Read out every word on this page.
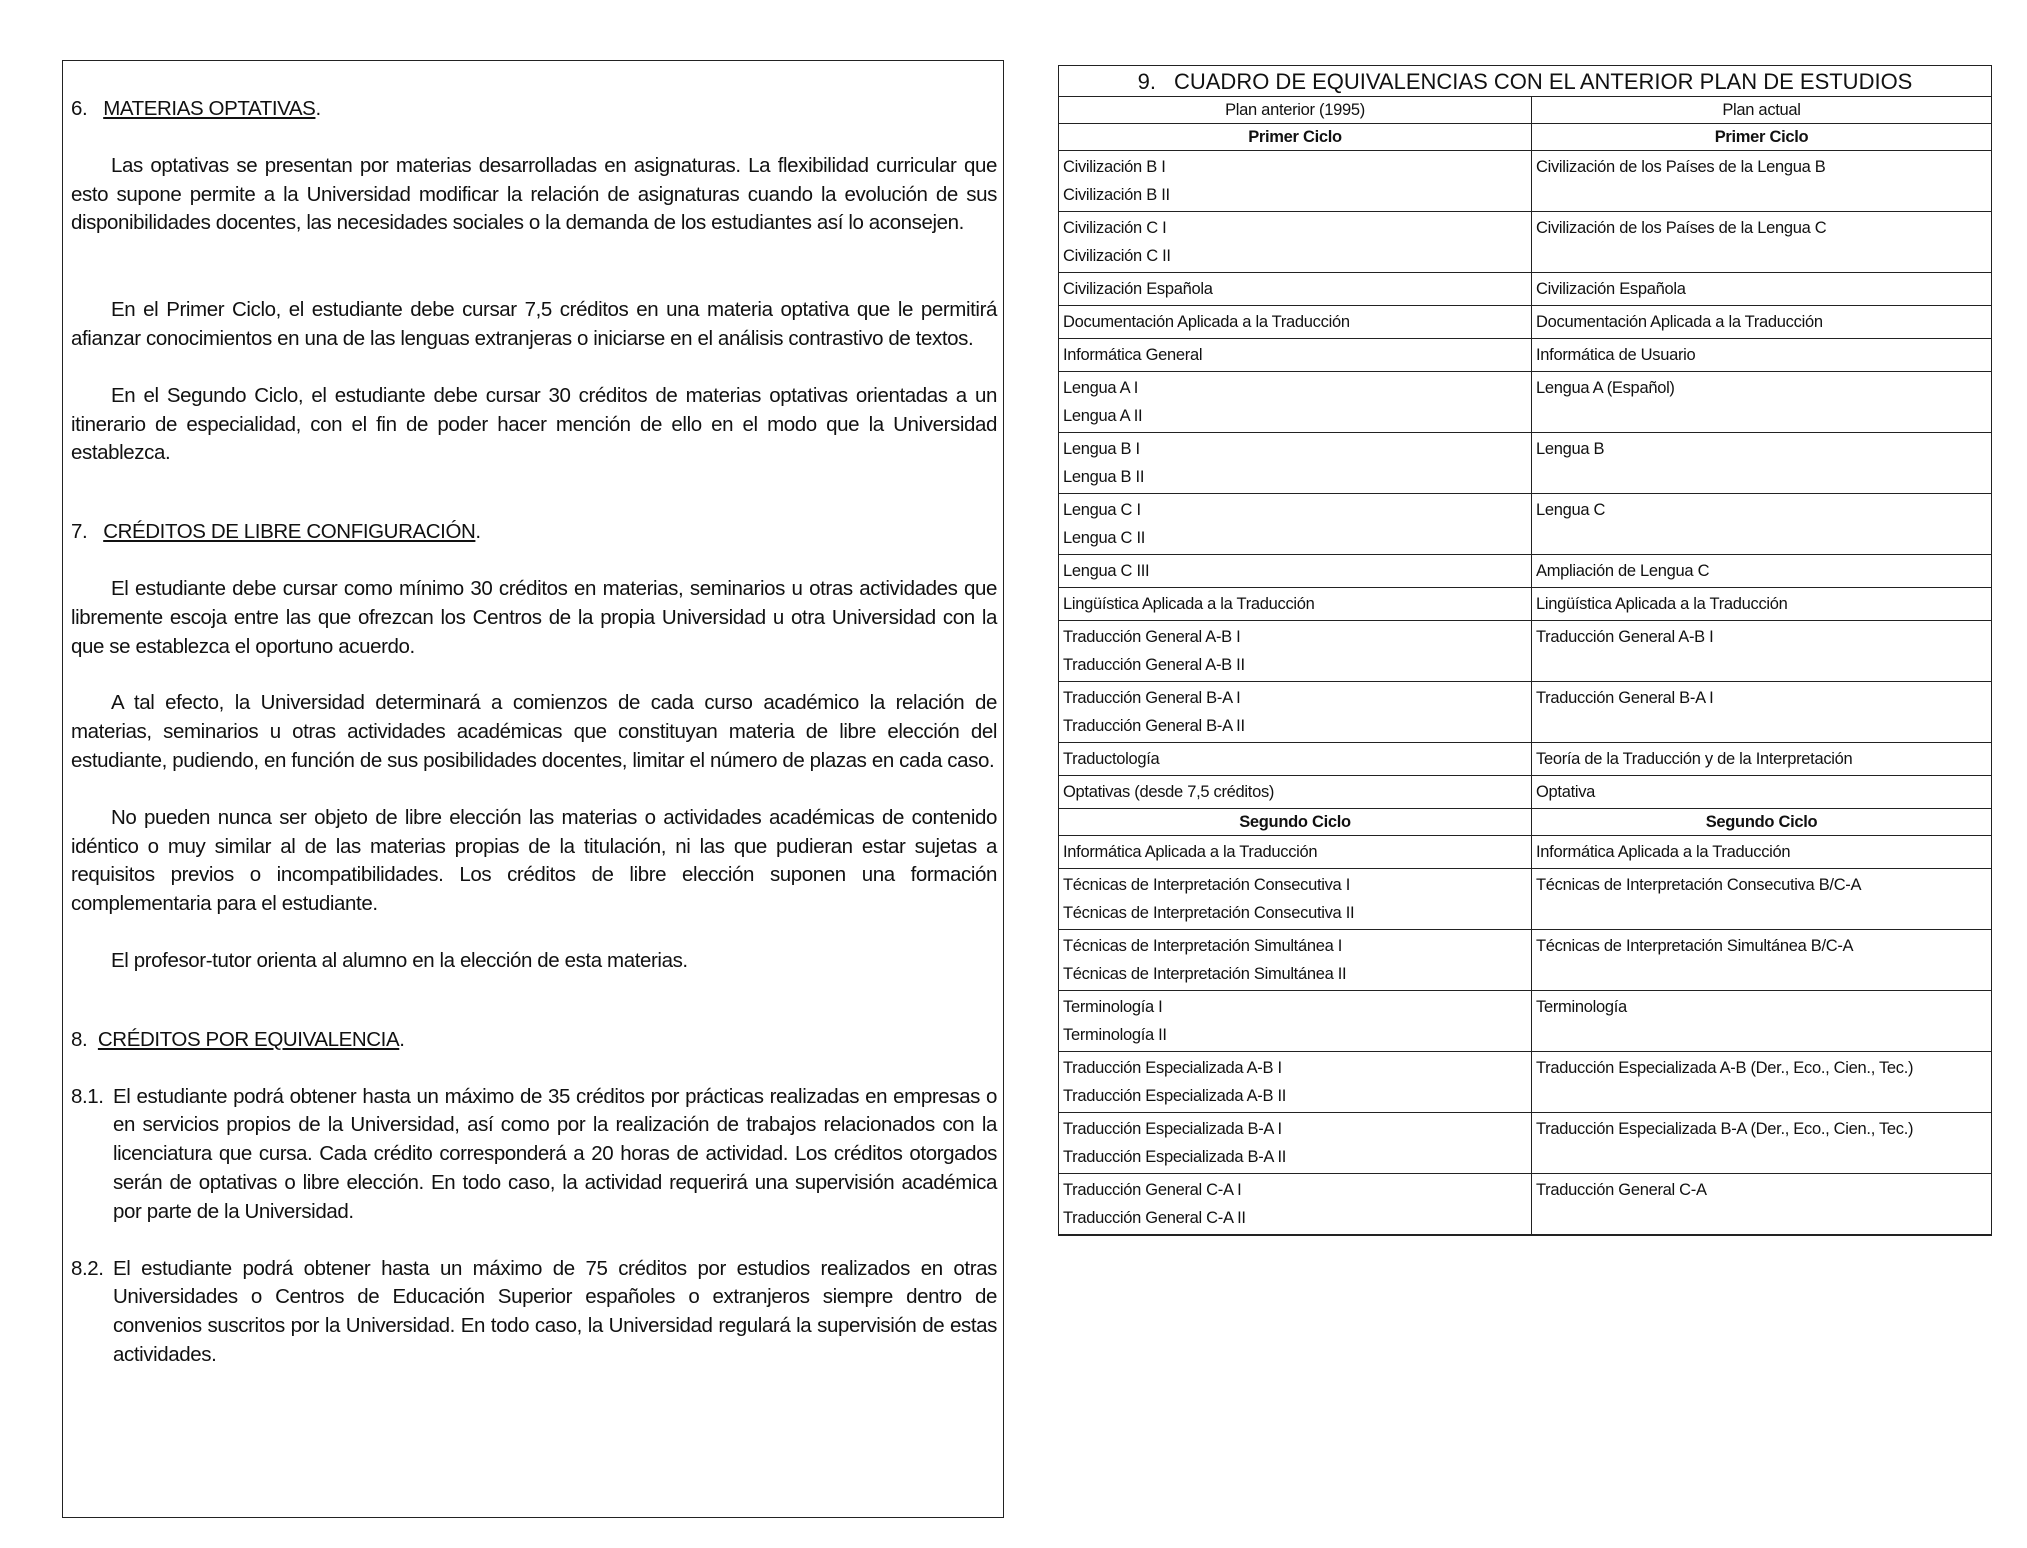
6. MATERIAS OPTATIVAS.

Las optativas se presentan por materias desarrolladas en asignaturas. La flexibilidad curricular que esto supone permite a la Universidad modificar la relación de asignaturas cuando la evolución de sus disponibilidades docentes, las necesidades sociales o la demanda de los estudiantes así lo aconsejen.

En el Primer Ciclo, el estudiante debe cursar 7,5 créditos en una materia optativa que le permitirá afianzar conocimientos en una de las lenguas extranjeras o iniciarse en el análisis contrastivo de textos.

En el Segundo Ciclo, el estudiante debe cursar 30 créditos de materias optativas orientadas a un itinerario de especialidad, con el fin de poder hacer mención de ello en el modo que la Universidad establezca.

7. CRÉDITOS DE LIBRE CONFIGURACIÓN.

El estudiante debe cursar como mínimo 30 créditos en materias, seminarios u otras actividades que libremente escoja entre las que ofrezcan los Centros de la propia Universidad u otra Universidad con la que se establezca el oportuno acuerdo.

A tal efecto, la Universidad determinará a comienzos de cada curso académico la relación de materias, seminarios u otras actividades académicas que constituyan materia de libre elección del estudiante, pudiendo, en función de sus posibilidades docentes, limitar el número de plazas en cada caso.

No pueden nunca ser objeto de libre elección las materias o actividades académicas de contenido idéntico o muy similar al de las materias propias de la titulación, ni las que pudieran estar sujetas a requisitos previos o incompatibilidades. Los créditos de libre elección suponen una formación complementaria para el estudiante.

El profesor-tutor orienta al alumno en la elección de esta materias.

8. CRÉDITOS POR EQUIVALENCIA.

8.1. El estudiante podrá obtener hasta un máximo de 35 créditos por prácticas realizadas en empresas o en servicios propios de la Universidad, así como por la realización de trabajos relacionados con la licenciatura que cursa. Cada crédito corresponderá a 20 horas de actividad. Los créditos otorgados serán de optativas o libre elección. En todo caso, la actividad requerirá una supervisión académica por parte de la Universidad.
8.2. El estudiante podrá obtener hasta un máximo de 75 créditos por estudios realizados en otras Universidades o Centros de Educación Superior españoles o extranjeros siempre dentro de convenios suscritos por la Universidad. En todo caso, la Universidad regulará la supervisión de estas actividades.
9. CUADRO DE EQUIVALENCIAS CON EL ANTERIOR PLAN DE ESTUDIOS
Plan anterior (1995)	Plan actual
Primer Ciclo	Primer Ciclo

Civilización B I
Civilización B II	Civilización de los Países de la Lengua B

Civilización C I
Civilización C II	Civilización de los Países de la Lengua C

Civilización Española	Civilización Española

Documentación Aplicada a la Traducción	Documentación Aplicada a la Traducción

Informática General	Informática de Usuario

Lengua A I
Lengua A II	Lengua A (Español)

Lengua B I
Lengua B II	Lengua B

Lengua C I
Lengua C II	Lengua C

Lengua C III	Ampliación de Lengua C

Lingüística Aplicada a la Traducción	Lingüística Aplicada a la Traducción

Traducción General A-B I
Traducción General A-B II	Traducción General A-B I

Traducción General B-A I
Traducción General B-A II	Traducción General B-A I

Traductología	Teoría de la Traducción y de la Interpretación

Optativas (desde 7,5 créditos)	Optativa

Segundo Ciclo	Segundo Ciclo

Informática Aplicada a la Traducción	Informática Aplicada a la Traducción

Técnicas de Interpretación Consecutiva I
Técnicas de Interpretación Consecutiva II	Técnicas de Interpretación Consecutiva B/C-A

Técnicas de Interpretación Simultánea I
Técnicas de Interpretación Simultánea II	Técnicas de Interpretación Simultánea B/C-A

Terminología I
Terminología II	Terminología

Traducción Especializada A-B I
Traducción Especializada A-B II	Traducción Especializada A-B (Der., Eco., Cien., Tec.)

Traducción Especializada B-A I
Traducción Especializada B-A II	Traducción Especializada B-A (Der., Eco., Cien., Tec.)

Traducción General C-A I
Traducción General C-A II	Traducción General C-A
